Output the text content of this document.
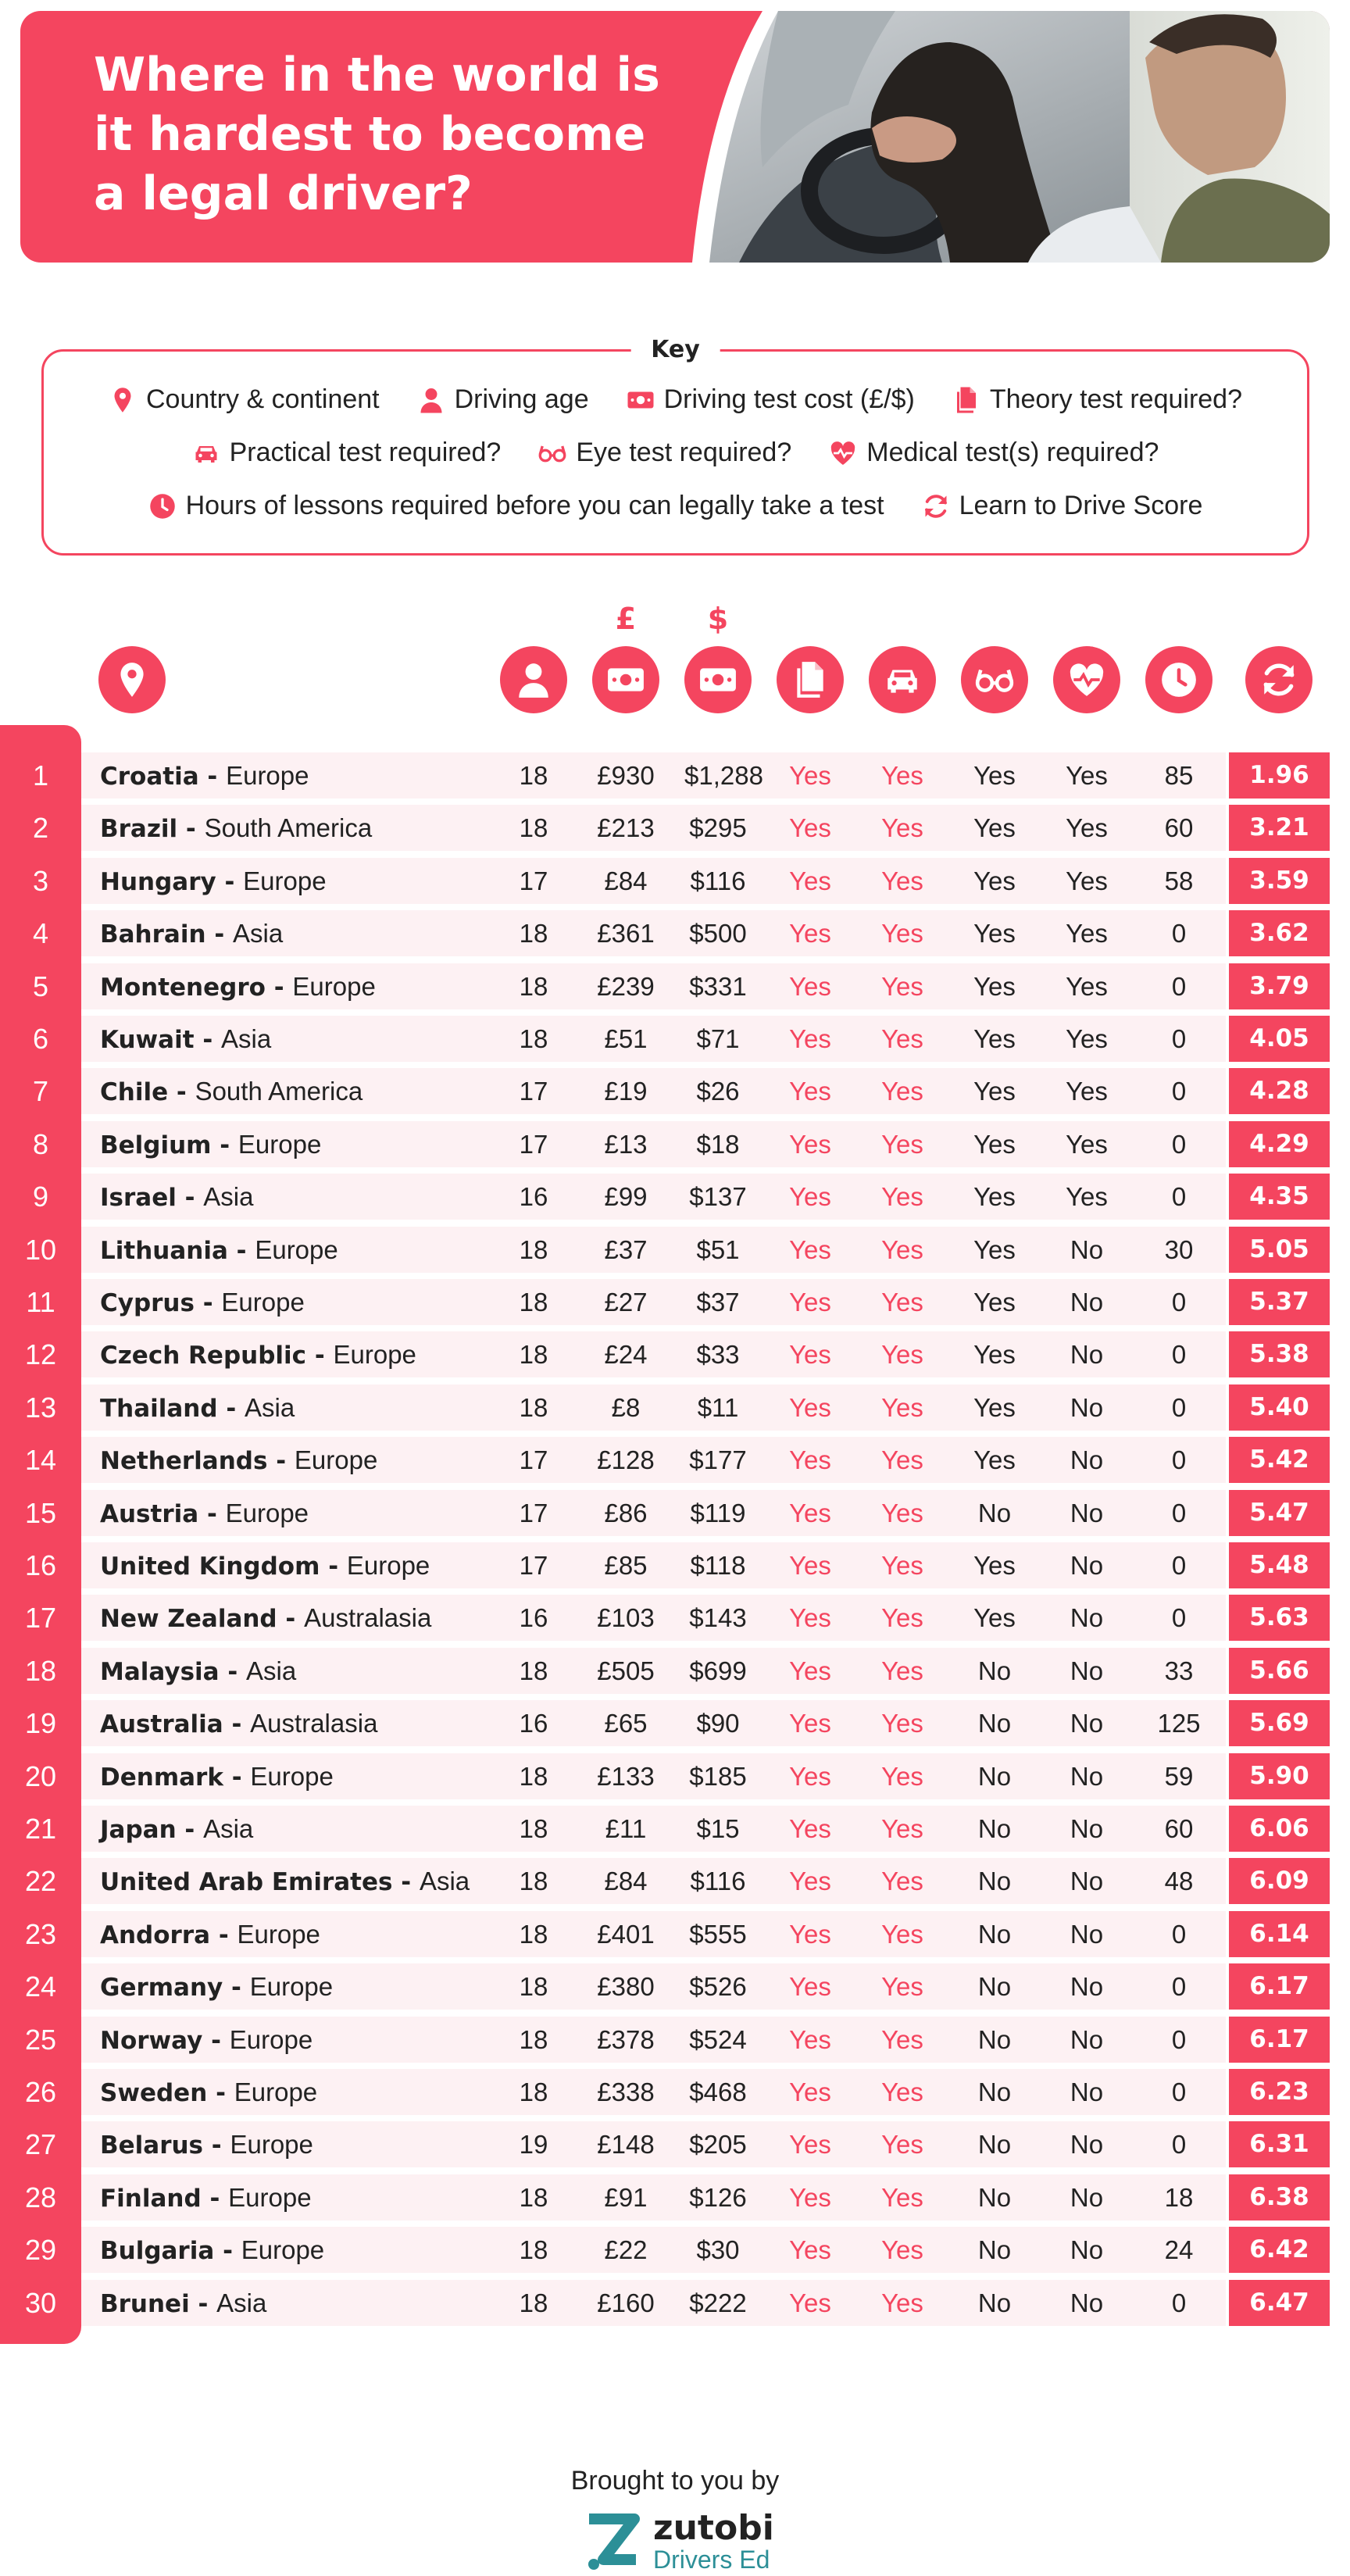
Where in the world is it hardest to become a legal driver?
Key
Country & continent	Driving age	Driving test cost (£/$)	Theory test required?
Practical test required?	Eye test required?	Medical test(s) required?
Hours of lessons required before you can legally take a test	Learn to Drive Score
£	$
1	Croatia - Europe	18	£930 $1,288	Yes	Yes	Yes	Yes	85	1.96
2	Brazil - South America	18	£213 $295	Yes	Yes	Yes	Yes	60	3.21
3	Hungary - Europe	17	£84	$116	Yes	Yes	Yes	Yes	58	3.59
4	Bahrain - Asia	18	£361 $500	Yes	Yes	Yes	Yes	0	3.62
5	Montenegro - Europe	18	£239 $331	Yes	Yes	Yes	Yes	0	3.79
6	Kuwait - Asia	18	£51	$71	Yes	Yes	Yes	Yes	0	4.05
7	Chile - South America	17	£19	$26	Yes	Yes	Yes	Yes	0	4.28
8	Belgium - Europe	17	£13	$18	Yes	Yes	Yes	Yes	0	4.29
9	Israel - Asia	16	£99	$137	Yes	Yes	Yes	Yes	0	4.35
10	Lithuania - Europe	18	£37	$51	Yes	Yes	Yes	No	30	5.05
11	Cyprus - Europe	18	£27	$37	Yes	Yes	Yes	No	0	5.37
12	Czech Republic - Europe	18	£24	$33	Yes	Yes	Yes	No	0	5.38
13	Thailand - Asia	18	£8	$11	Yes	Yes	Yes	No	0	5.40
14	Netherlands - Europe	17	£128 $177	Yes	Yes	Yes	No	0	5.42
15	Austria - Europe	17	£86	$119	Yes	Yes	No	No	0	5.47
16	United Kingdom - Europe	17	£85	$118	Yes	Yes	Yes	No	0	5.48
17	New Zealand - Australasia	16	£103 $143	Yes	Yes	Yes	No	0	5.63
18	Malaysia - Asia	18	£505 $699	Yes	Yes	No	No	33	5.66
19	Australia - Australasia	16	£65	$90	Yes	Yes	No	No	125	5.69
20	Denmark - Europe	18	£133 $185	Yes	Yes	No	No	59	5.90
21	Japan - Asia	18	£11	$15	Yes	Yes	No	No	60	6.06
22	United Arab Emirates - Asia	18	£84	$116	Yes	Yes	No	No	48	6.09
23	Andorra - Europe	18	£401 $555	Yes	Yes	No	No	0	6.14
24	Germany - Europe	18	£380 $526	Yes	Yes	No	No	0	6.17
25	Norway - Europe	18	£378 $524	Yes	Yes	No	No	0	6.17
26	Sweden - Europe	18	£338 $468	Yes	Yes	No	No	0	6.23
27	Belarus - Europe	19	£148 $205	Yes	Yes	No	No	0	6.31
28	Finland - Europe	18	£91	$126	Yes	Yes	No	No	18	6.38
29	Bulgaria - Europe	18	£22	$30	Yes	Yes	No	No	24	6.42
30	Brunei - Asia	18	£160 $222	Yes	Yes	No	No	0	6.47
Brought to you by
zutobi
Drivers Ed
